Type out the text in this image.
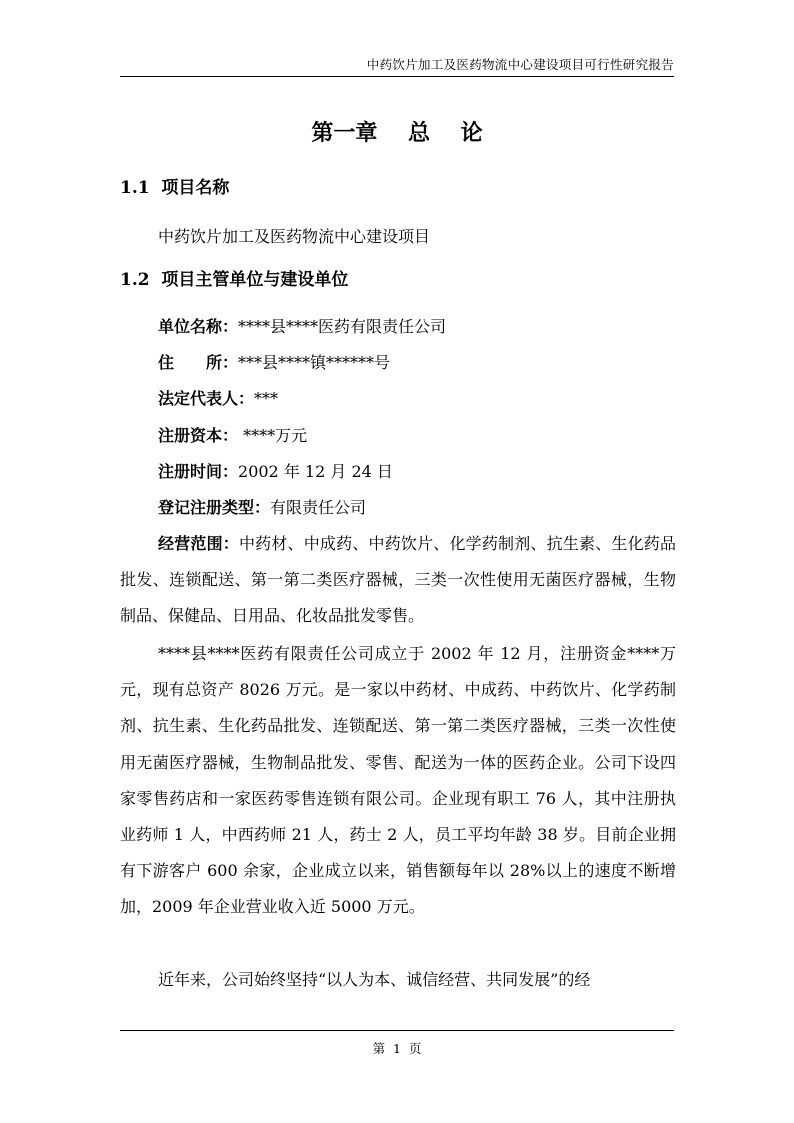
中药饮片加工及医药物流中心建设项目可行性研究报告
第一章    总    论
1.1 项目名称
中药饮片加工及医药物流中心建设项目
1.2 项目主管单位与建设单位
单位名称：****县****医药有限责任公司
住　　所：***县****镇******号
法定代表人：***
注册资本： ****万元
注册时间：2002 年 12 月 24 日
登记注册类型：有限责任公司

经营范围：中药材、中成药、中药饮片、化学药制剂、抗生素、生化药品批发、连锁配送、第一第二类医疗器械，三类一次性使用无菌医疗器械，生物制品、保健品、日用品、化妆品批发零售。

****县****医药有限责任公司成立于 2002 年 12 月，注册资金****万元，现有总资产 8026 万元。是一家以中药材、中成药、中药饮片、化学药制剂、抗生素、生化药品批发、连锁配送、第一第二类医疗器械，三类一次性使用无菌医疗器械，生物制品批发、零售、配送为一体的医药企业。公司下设四家零售药店和一家医药零售连锁有限公司。企业现有职工 76 人，其中注册执业药师 1 人，中西药师 21 人，药士 2 人，员工平均年龄 38 岁。目前企业拥有下游客户 600 余家，企业成立以来，销售额每年以 28%以上的速度不断增加，2009 年企业营业收入近 5000 万元。

近年来，公司始终坚持“以人为本、诚信经营、共同发展”的经

第  1  页
